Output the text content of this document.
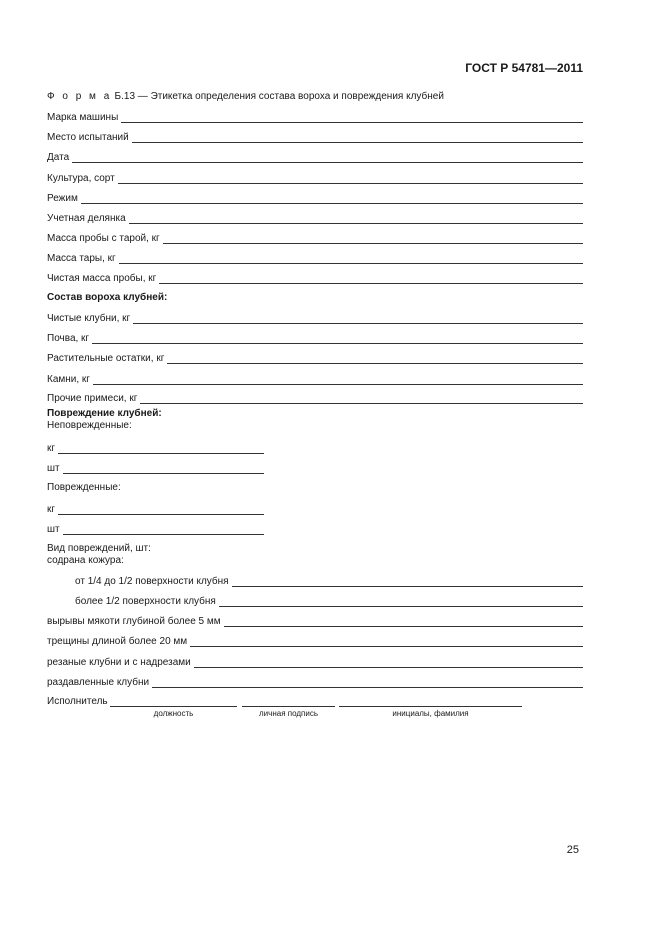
ГОСТ Р 54781—2011
Ф о р м а Б.13 — Этикетка определения состава вороха и повреждения клубней
Марка машины
Место испытаний
Дата
Культура, сорт
Режим
Учетная делянка
Масса пробы с тарой, кг
Масса тары, кг
Чистая масса пробы, кг
Состав вороха клубней:
Чистые клубни, кг
Почва, кг
Растительные остатки, кг
Камни, кг
Прочие примеси, кг
Повреждение клубней:
Неповрежденные:
кг
шт
Поврежденные:
кг
шт
Вид повреждений, шт:
содрана кожура:
от 1/4 до 1/2 поверхности клубня
более 1/2 поверхности клубня
вырывы мякоти глубиной более 5 мм
трещины длиной более 20 мм
резаные клубни и с надрезами
раздавленные клубни
Исполнитель
должность	личная подпись	инициалы, фамилия
25
